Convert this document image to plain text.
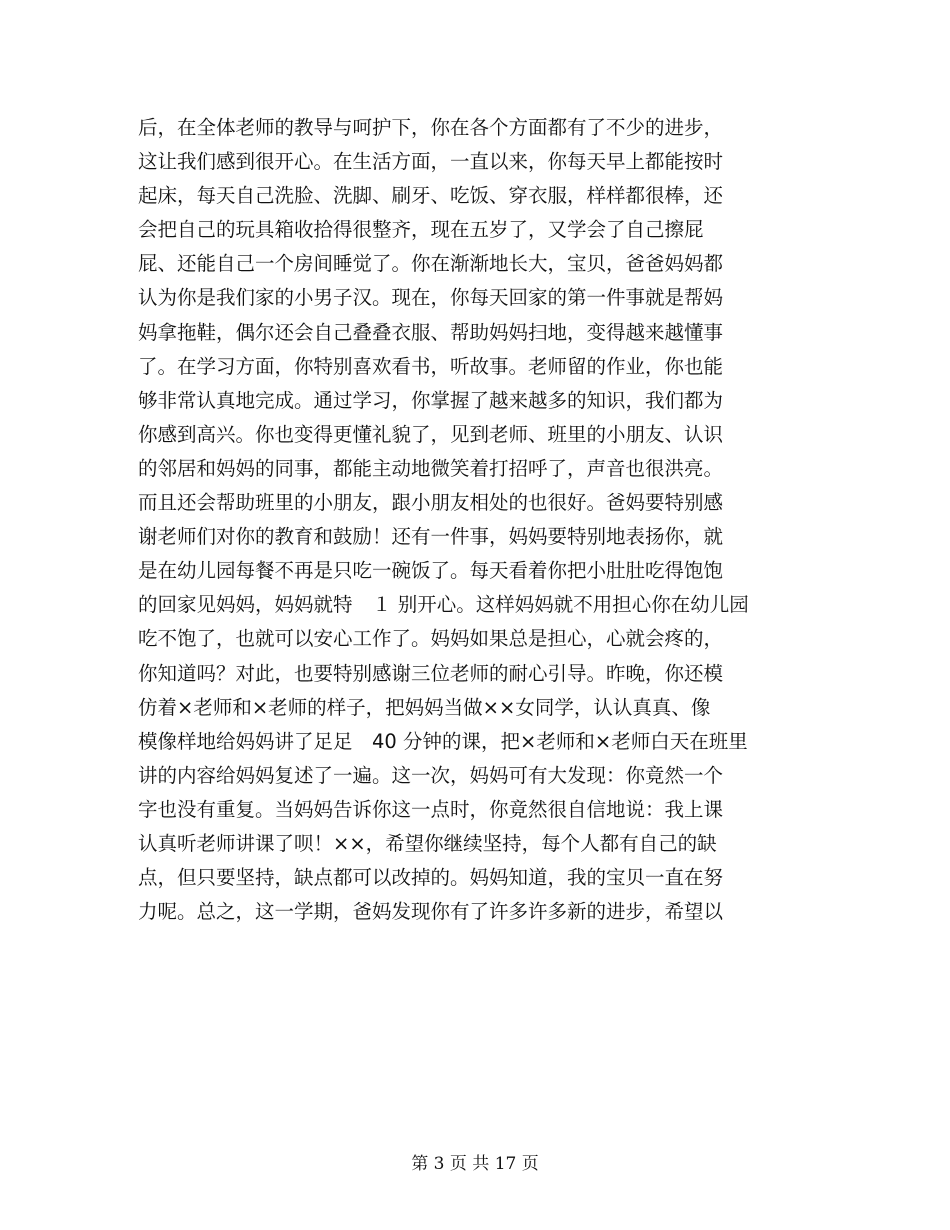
后，在全体老师的教导与呵护下，你在各个方面都有了不少的进步，
这让我们感到很开心。在生活方面，一直以来，你每天早上都能按时
起床，每天自己洗脸、洗脚、刷牙、吃饭、穿衣服，样样都很棒，还
会把自己的玩具箱收拾得很整齐，现在五岁了，又学会了自己擦屁
屁、还能自己一个房间睡觉了。你在渐渐地长大，宝贝，爸爸妈妈都
认为你是我们家的小男子汉。现在，你每天回家的第一件事就是帮妈
妈拿拖鞋，偶尔还会自己叠叠衣服、帮助妈妈扫地，变得越来越懂事
了。在学习方面，你特别喜欢看书，听故事。老师留的作业，你也能
够非常认真地完成。通过学习，你掌握了越来越多的知识，我们都为
你感到高兴。你也变得更懂礼貌了，见到老师、班里的小朋友、认识
的邻居和妈妈的同事，都能主动地微笑着打招呼了，声音也很洪亮。
而且还会帮助班里的小朋友，跟小朋友相处的也很好。爸妈要特别感
谢老师们对你的教育和鼓励！还有一件事，妈妈要特别地表扬你，就
是在幼儿园每餐不再是只吃一碗饭了。每天看着你把小肚肚吃得饱饱
的回家见妈妈，妈妈就特　１ 别开心。这样妈妈就不用担心你在幼儿园
吃不饱了，也就可以安心工作了。妈妈如果总是担心，心就会疼的，
你知道吗？对此，也要特别感谢三位老师的耐心引导。昨晚，你还模
仿着×老师和×老师的样子，把妈妈当做××女同学，认认真真、像
模像样地给妈妈讲了足足　40 分钟的课，把×老师和×老师白天在班里
讲的内容给妈妈复述了一遍。这一次，妈妈可有大发现：你竟然一个
字也没有重复。当妈妈告诉你这一点时，你竟然很自信地说：我上课
认真听老师讲课了呗！××，希望你继续坚持，每个人都有自己的缺
点，但只要坚持，缺点都可以改掉的。妈妈知道，我的宝贝一直在努
力呢。总之，这一学期，爸妈发现你有了许多许多新的进步，希望以
第 3 页 共 17 页
